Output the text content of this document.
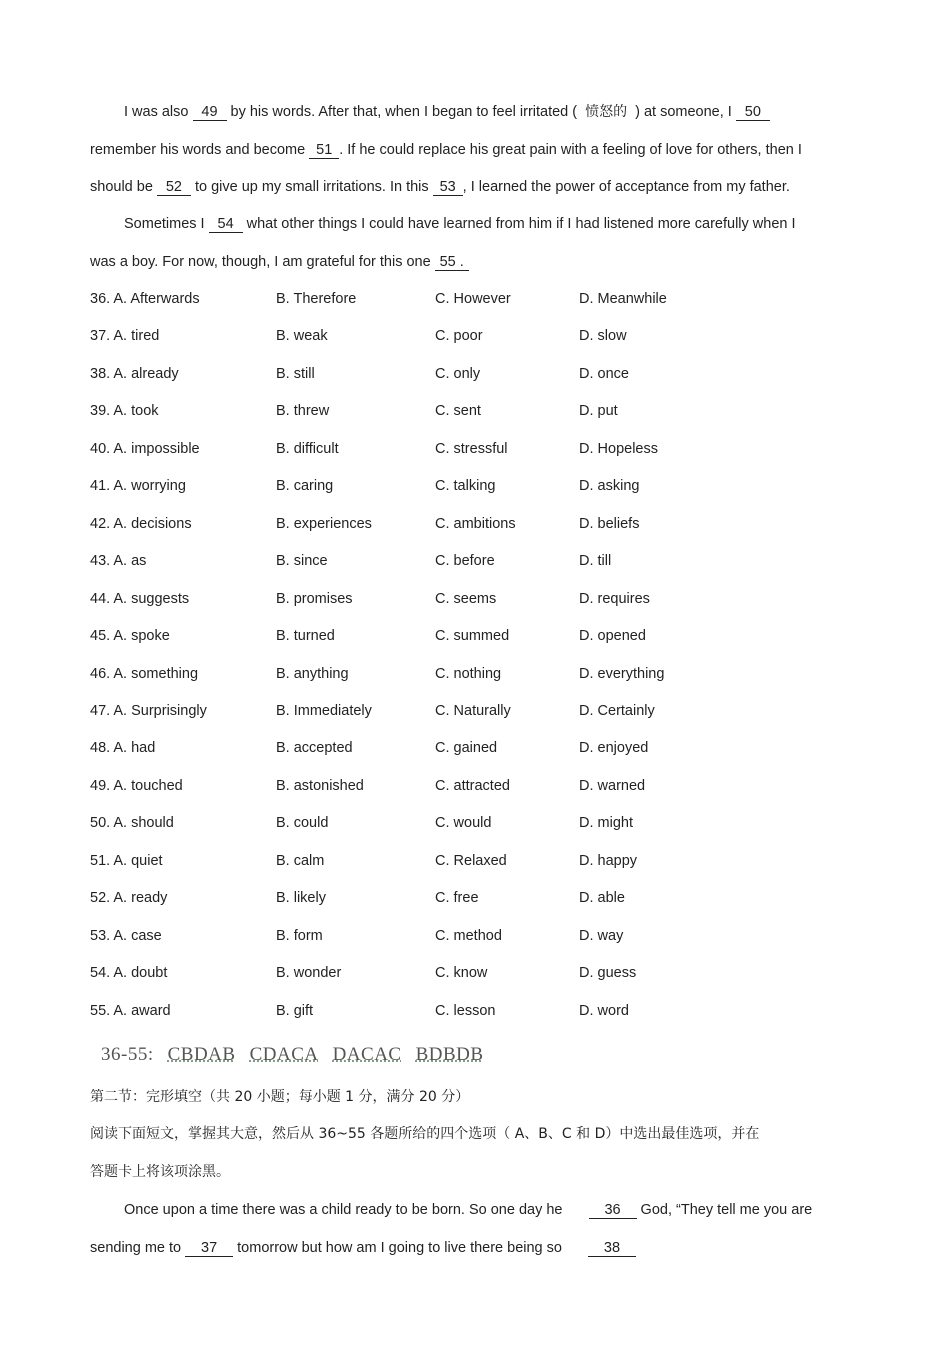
I was also 49 by his words. After that, when I began to feel irritated ( 愤怒的 ) at someone, I 50
remember his words and become 51 . If he could replace his great pain with a feeling of love for others, then I
should be 52 to give up my small irritations. In this 53 , I learned the power of acceptance from my father.
Sometimes I 54 what other things I could have learned from him if I had listened more carefully when I
was a boy. For now, though, I am grateful for this one 55 .
36. A. Afterwards	B. Therefore	C. However	D. Meanwhile
37. A. tired	B. weak	C. poor	D. slow
38. A. already	B. still	C. only	D. once
39. A. took	B. threw	C. sent	D. put
40. A. impossible	B. difficult	C. stressful	D. Hopeless
41. A. worrying	B. caring	C. talking	D. asking
42. A. decisions	B. experiences	C. ambitions	D. beliefs
43. A. as	B. since	C. before	D. till
44. A. suggests	B. promises	C. seems	D. requires
45. A. spoke	B. turned	C. summed	D. opened
46. A. something	B. anything	C. nothing	D. everything
47. A. Surprisingly	B. Immediately	C. Naturally	D. Certainly
48. A. had	B. accepted	C. gained	D. enjoyed
49. A. touched	B. astonished	C. attracted	D. warned
50. A. should	B. could	C. would	D. might
51. A. quiet	B. calm	C. Relaxed	D. happy
52. A. ready	B. likely	C. free	D. able
53. A. case	B. form	C. method	D. way
54. A. doubt	B. wonder	C. know	D. guess
55. A. award	B. gift	C. lesson	D. word
36-55: CBDAB CDACA DACAC BDBDB
第二节：完形填空（共 20 小题；每小题 1 分，满分 20 分）
阅读下面短文，掌握其大意，然后从 36~55 各题所给的四个选项（ A、B、C 和 D）中选出最佳选项，并在
答题卡上将该项涂黑。
Once upon a time there was a child ready to be born. So one day he	36 God, “They tell me you are
sending me to 37 tomorrow but how am I going to live there being so	38
